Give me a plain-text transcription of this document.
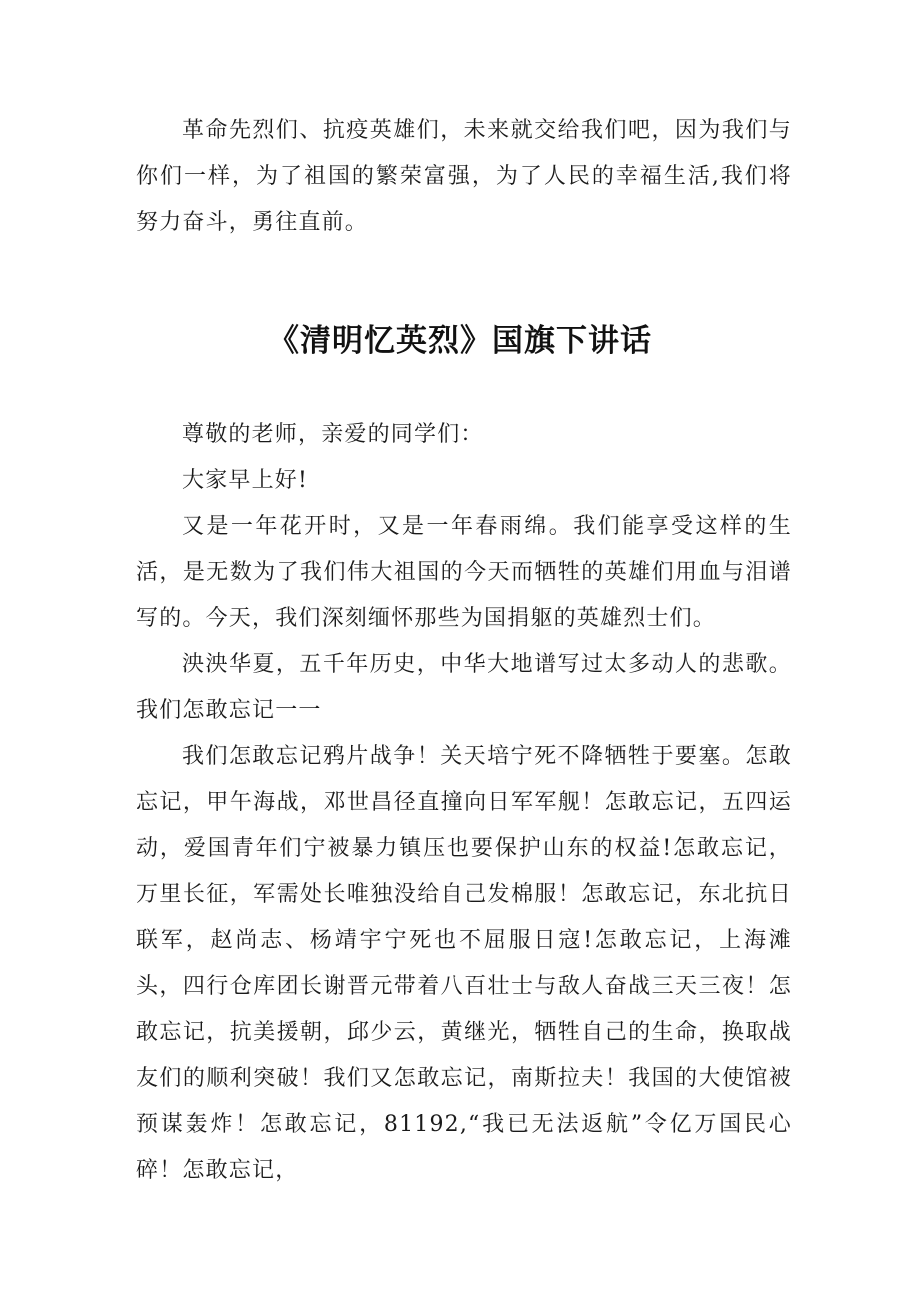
革命先烈们、抗疫英雄们，未来就交给我们吧，因为我们与你们一样，为了祖国的繁荣富强，为了人民的幸福生活,我们将努力奋斗，勇往直前。

《清明忆英烈》国旗下讲话

尊敬的老师，亲爱的同学们：

大家早上好!

又是一年花开时，又是一年春雨绵。我们能享受这样的生活，是无数为了我们伟大祖国的今天而牺牲的英雄们用血与泪谱写的。今天，我们深刻缅怀那些为国捐躯的英雄烈士们。

泱泱华夏，五千年历史，中华大地谱写过太多动人的悲歌。我们怎敢忘记一一

我们怎敢忘记鸦片战争！关天培宁死不降牺牲于要塞。怎敢忘记，甲午海战，邓世昌径直撞向日军军舰！怎敢忘记，五四运动，爱国青年们宁被暴力镇压也要保护山东的权益!怎敢忘记，万里长征，军需处长唯独没给自己发棉服！怎敢忘记，东北抗日联军，赵尚志、杨靖宇宁死也不屈服日寇!怎敢忘记，上海滩头，四行仓库团长谢晋元带着八百壮士与敌人奋战三天三夜！怎敢忘记，抗美援朝，邱少云，黄继光，牺牲自己的生命，换取战友们的顺利突破！我们又怎敢忘记，南斯拉夫！我国的大使馆被预谋轰炸！怎敢忘记，81192,“我已无法返航”令亿万国民心碎！怎敢忘记，
